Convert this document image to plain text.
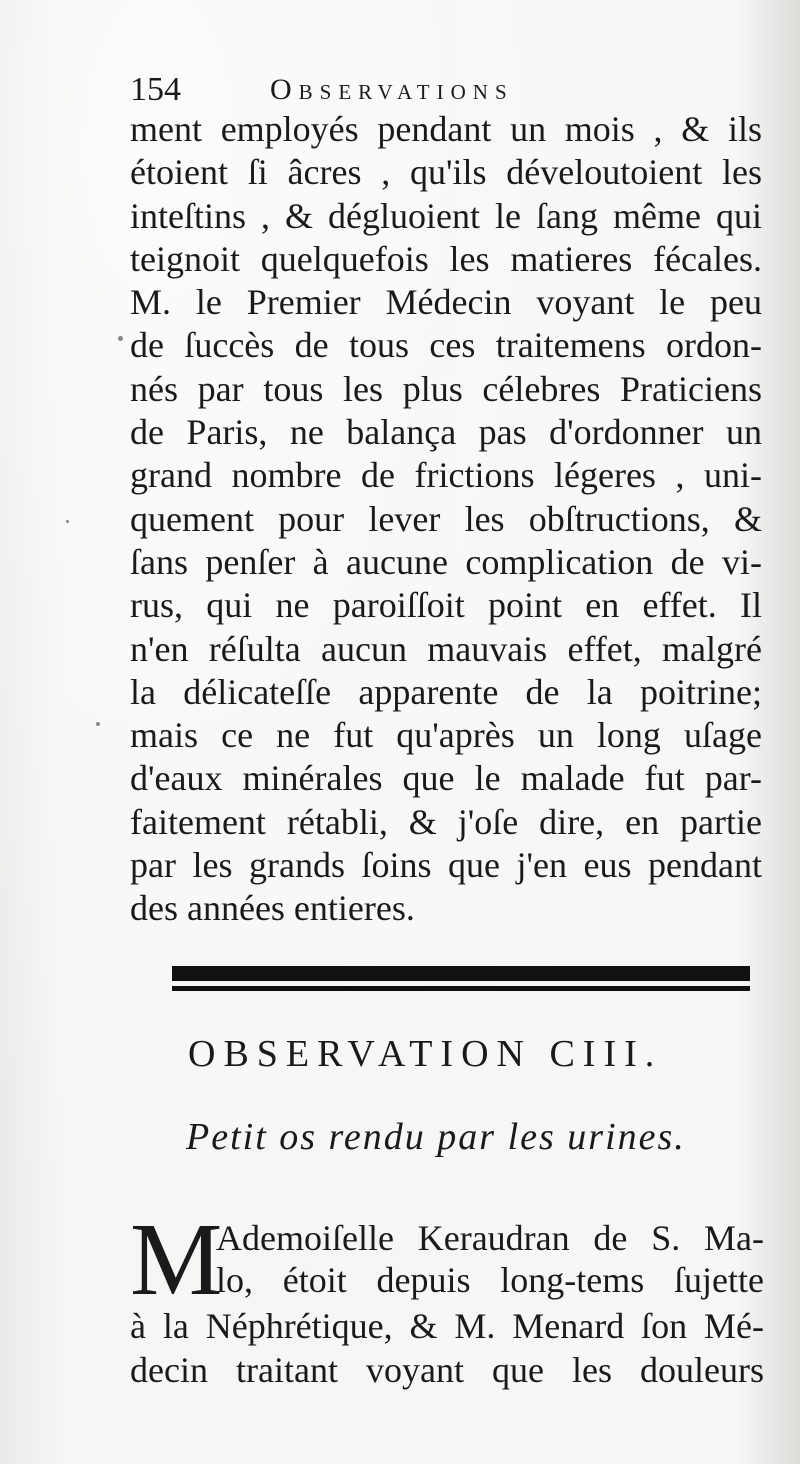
154	Observations
ment employés pendant un mois , & ils
étoient ſi âcres , qu'ils déveloutoient les
inteſtins , & dégluoient le ſang même qui
teignoit quelquefois les matieres fécales.
M. le Premier Médecin voyant le peu
de ſuccès de tous ces traitemens ordon-
nés par tous les plus célebres Praticiens
de Paris, ne balança pas d'ordonner un
grand nombre de frictions légeres , uni-
quement pour lever les obſtructions, &
ſans penſer à aucune complication de vi-
rus, qui ne paroiſſoit point en effet. Il
n'en réſulta aucun mauvais effet, malgré
la délicateſſe apparente de la poitrine;
mais ce ne fut qu'après un long uſage
d'eaux minérales que le malade fut par-
faitement rétabli, & j'oſe dire, en partie
par les grands ſoins que j'en eus pendant
des années entieres.
OBSERVATION CIII.
Petit os rendu par les urines.
M
Ademoiſelle Keraudran de S. Ma-
lo, étoit depuis long-tems ſujette
à la Néphrétique, & M. Menard ſon Mé-
decin traitant voyant que les douleurs
